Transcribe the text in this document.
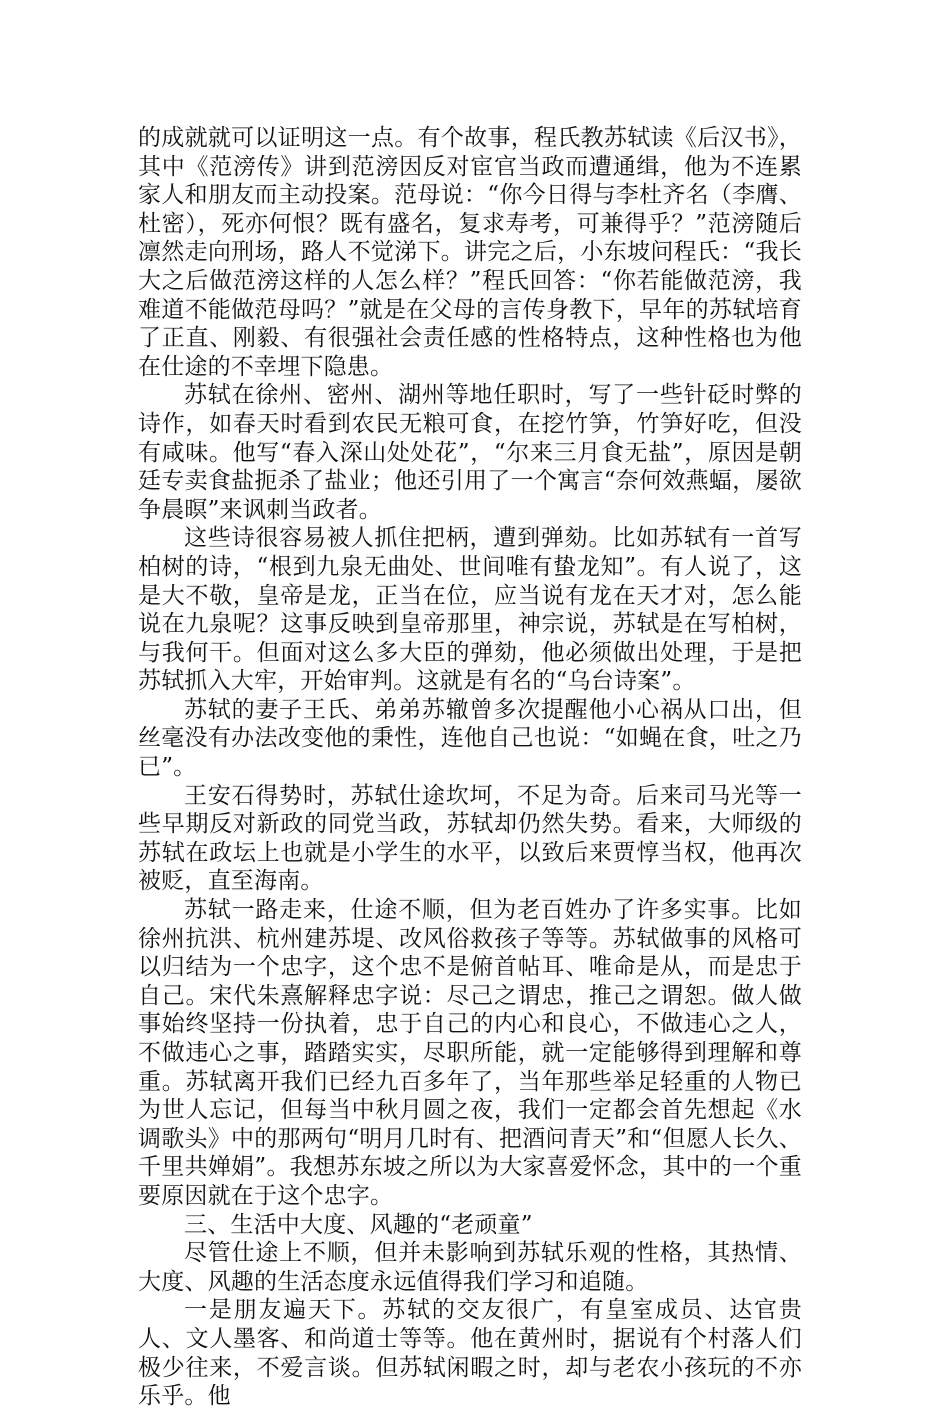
的成就就可以证明这一点。有个故事，程氏教苏轼读《后汉书》，其中《范滂传》讲到范滂因反对宦官当政而遭通缉，他为不连累家人和朋友而主动投案。范母说：“你今日得与李杜齐名（李膺、杜密），死亦何恨？既有盛名，复求寿考，可兼得乎？”范滂随后凛然走向刑场，路人不觉涕下。讲完之后，小东坡问程氏：“我长大之后做范滂这样的人怎么样？”程氏回答：“你若能做范滂，我难道不能做范母吗？”就是在父母的言传身教下，早年的苏轼培育了正直、刚毅、有很强社会责任感的性格特点，这种性格也为他在仕途的不幸埋下隐患。

苏轼在徐州、密州、湖州等地任职时，写了一些针砭时弊的诗作，如春天时看到农民无粮可食，在挖竹笋，竹笋好吃，但没有咸味。他写“春入深山处处花”，“尔来三月食无盐”，原因是朝廷专卖食盐扼杀了盐业；他还引用了一个寓言“奈何效燕蝠，屡欲争晨暝”来讽刺当政者。

这些诗很容易被人抓住把柄，遭到弹劾。比如苏轼有一首写柏树的诗，“根到九泉无曲处、世间唯有蛰龙知”。有人说了，这是大不敬，皇帝是龙，正当在位，应当说有龙在天才对，怎么能说在九泉呢？这事反映到皇帝那里，神宗说，苏轼是在写柏树，与我何干。但面对这么多大臣的弹劾，他必须做出处理，于是把苏轼抓入大牢，开始审判。这就是有名的“乌台诗案”。

苏轼的妻子王氏、弟弟苏辙曾多次提醒他小心祸从口出，但丝毫没有办法改变他的秉性，连他自己也说：“如蝇在食，吐之乃已”。

王安石得势时，苏轼仕途坎坷，不足为奇。后来司马光等一些早期反对新政的同党当政，苏轼却仍然失势。看来，大师级的苏轼在政坛上也就是小学生的水平，以致后来贾惇当权，他再次被贬，直至海南。

苏轼一路走来，仕途不顺，但为老百姓办了许多实事。比如徐州抗洪、杭州建苏堤、改风俗救孩子等等。苏轼做事的风格可以归结为一个忠字，这个忠不是俯首帖耳、唯命是从，而是忠于自己。宋代朱熹解释忠字说：尽己之谓忠，推己之谓恕。做人做事始终坚持一份执着，忠于自己的内心和良心，不做违心之人，不做违心之事，踏踏实实，尽职所能，就一定能够得到理解和尊重。苏轼离开我们已经九百多年了，当年那些举足轻重的人物已为世人忘记，但每当中秋月圆之夜，我们一定都会首先想起《水调歌头》中的那两句“明月几时有、把酒问青天”和“但愿人长久、千里共婵娟”。我想苏东坡之所以为大家喜爱怀念，其中的一个重要原因就在于这个忠字。

三、生活中大度、风趣的“老顽童”

尽管仕途上不顺，但并未影响到苏轼乐观的性格，其热情、大度、风趣的生活态度永远值得我们学习和追随。

一是朋友遍天下。苏轼的交友很广，有皇室成员、达官贵人、文人墨客、和尚道士等等。他在黄州时，据说有个村落人们极少往来，不爱言谈。但苏轼闲暇之时，却与老农小孩玩的不亦乐乎。他
